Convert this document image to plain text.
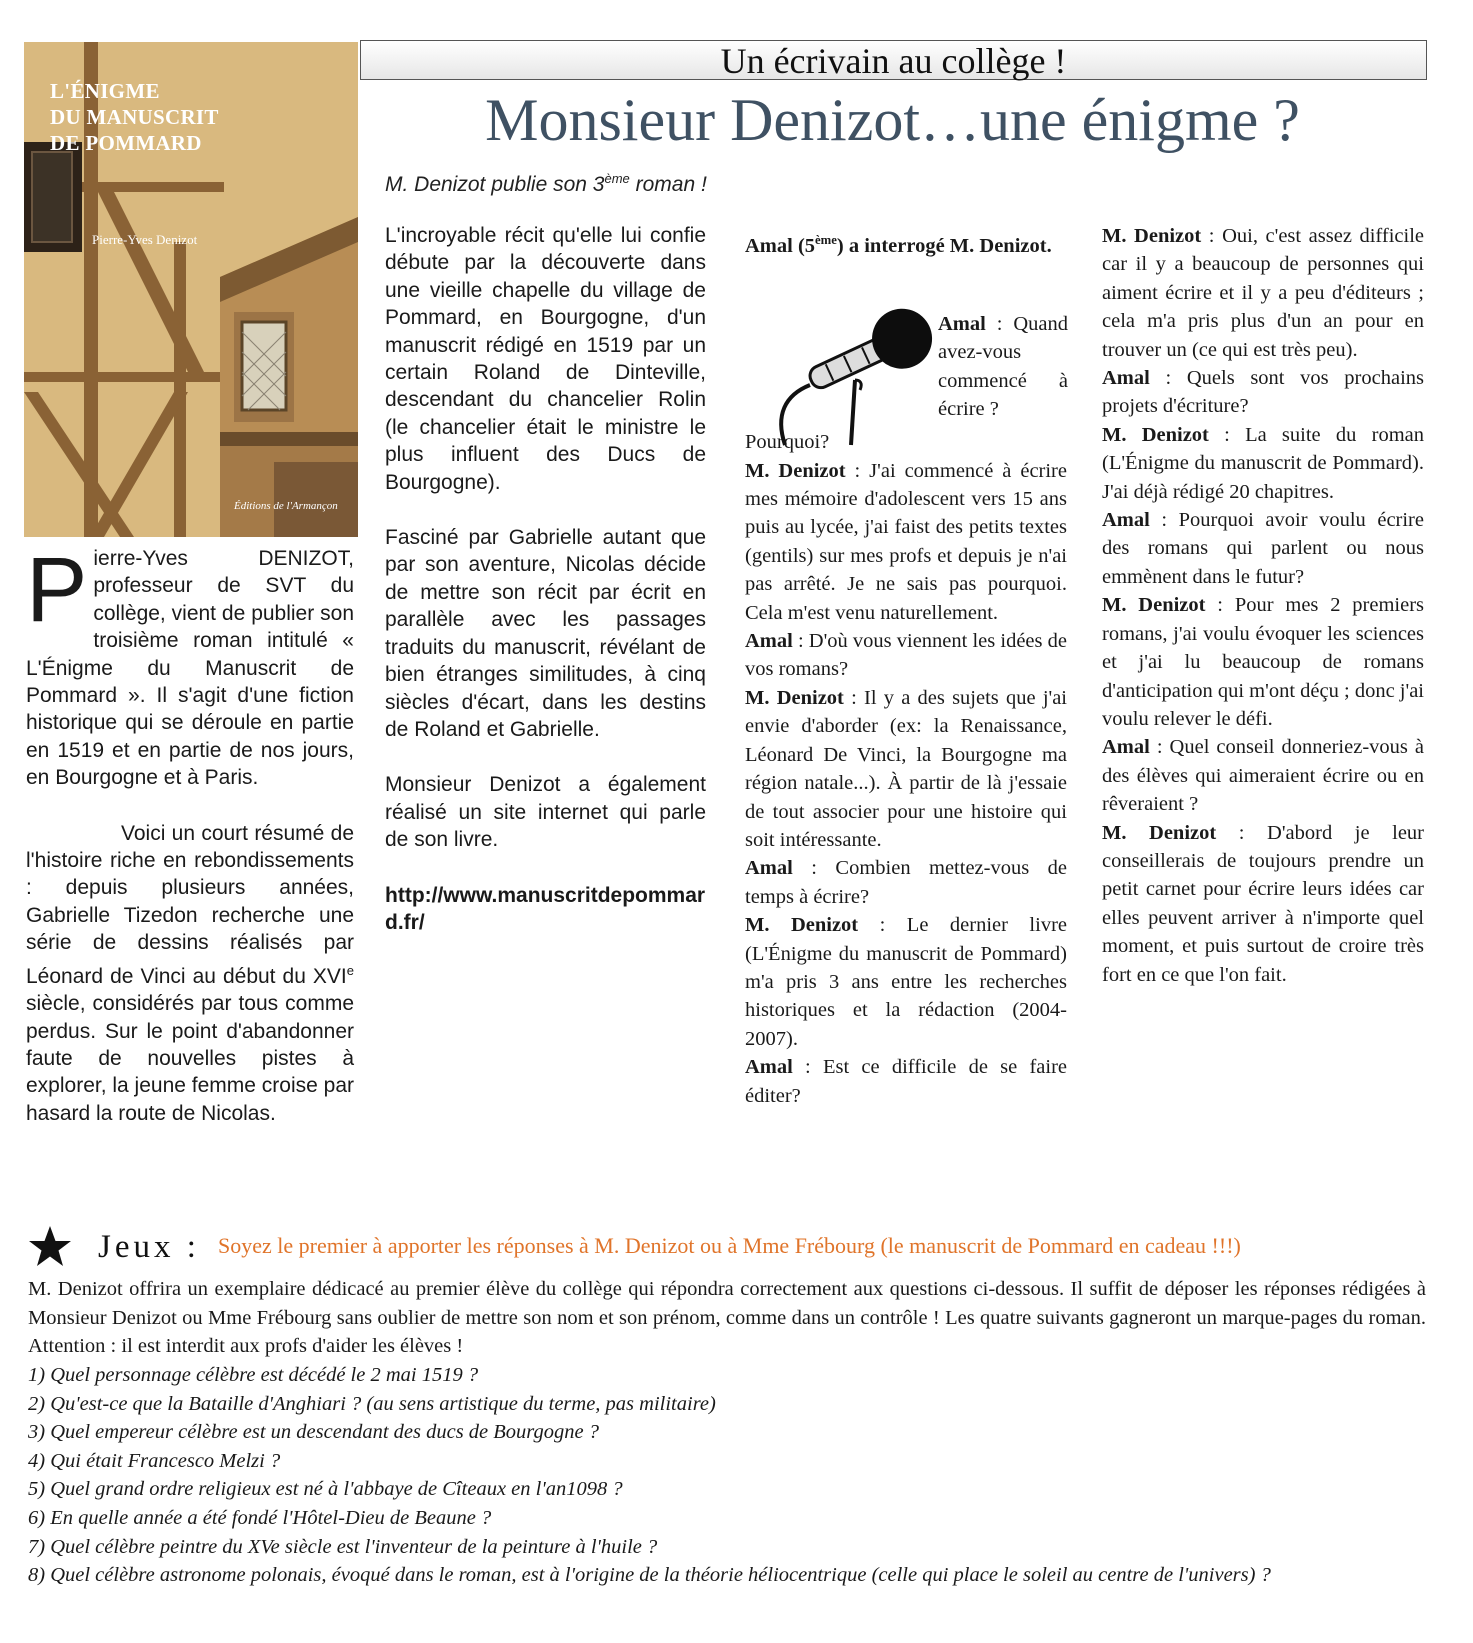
L'ÉNIGME
DU MANUSCRIT
DE POMMARD
Pierre-Yves Denizot
Éditions de l'Armançon
Un écrivain au collège !
Monsieur Denizot…une énigme ?
M. Denizot publie son 3ème roman !

Pierre-Yves DENIZOT, professeur de SVT du collège, vient de publier son troisième roman intitulé « L'Énigme du Manuscrit de Pommard ». Il s'agit d'une fiction historique qui se déroule en partie en 1519 et en partie de nos jours, en Bourgogne et à Paris.

Voici un court résumé de l'histoire riche en rebondissements : depuis plusieurs années, Gabrielle Tizedon recherche une série de dessins réalisés par Léonard de Vinci au début du XVIe siècle, considérés par tous comme perdus. Sur le point d'abandonner faute de nouvelles pistes à explorer, la jeune femme croise par hasard la route de Nicolas.

L'incroyable récit qu'elle lui confie débute par la découverte dans une vieille chapelle du village de Pommard, en Bourgogne, d'un manuscrit rédigé en 1519 par un certain Roland de Dinteville, descendant du chancelier Rolin (le chancelier était le ministre le plus influent des Ducs de Bourgogne).

Fasciné par Gabrielle autant que par son aventure, Nicolas décide de mettre son récit par écrit en parallèle avec les passages traduits du manuscrit, révélant de bien étranges similitudes, à cinq siècles d'écart, dans les destins de Roland et Gabrielle.

Monsieur Denizot a également réalisé un site internet qui parle de son livre.

http://www.manuscritdepommard.fr/

Amal (5ème) a interrogé M. Denizot.

Pourquoi?

M. Denizot : J'ai commencé à écrire mes mémoire d'adolescent vers 15 ans puis au lycée, j'ai faist des petits textes (gentils) sur mes profs et depuis je n'ai pas arrêté. Je ne sais pas pourquoi. Cela m'est venu naturellement.

Amal : D'où vous viennent les idées de vos romans?

M. Denizot : Il y a des sujets que j'ai envie d'aborder (ex: la Renaissance, Léonard De Vinci, la Bourgogne ma région natale...). À partir de là j'essaie de tout associer pour une histoire qui soit intéressante.

Amal : Combien mettez-vous de temps à écrire?

M. Denizot : Le dernier livre (L'Énigme du manuscrit de Pommard) m'a pris 3 ans entre les recherches historiques et la rédaction (2004-2007).

Amal : Est ce difficile de se faire éditer?

Amal : Quand avez-vous commencé à écrire ?

M. Denizot : Oui, c'est assez difficile car il y a beaucoup de personnes qui aiment écrire et il y a peu d'éditeurs ; cela m'a pris plus d'un an pour en trouver un (ce qui est très peu).

Amal : Quels sont vos prochains projets d'écriture?

M. Denizot : La suite du roman (L'Énigme du manuscrit de Pommard). J'ai déjà rédigé 20 chapitres.

Amal : Pourquoi avoir voulu écrire des romans qui parlent ou nous emmènent dans le futur?

M. Denizot : Pour mes 2 premiers romans, j'ai voulu évoquer les sciences et j'ai lu beaucoup de romans d'anticipation qui m'ont déçu ; donc j'ai voulu relever le défi.

Amal : Quel conseil donneriez-vous à des élèves qui aimeraient écrire ou en rêveraient ?

M. Denizot : D'abord je leur conseillerais de toujours prendre un petit carnet pour écrire leurs idées car elles peuvent arriver à n'importe quel moment, et puis surtout de croire très fort en ce que l'on fait.

Jeux : Soyez le premier à apporter les réponses à M. Denizot ou à Mme Frébourg (le manuscrit de Pommard en cadeau !!!)

M. Denizot offrira un exemplaire dédicacé au premier élève du collège qui répondra correctement aux questions ci-dessous. Il suffit de déposer les réponses rédigées à Monsieur Denizot ou Mme Frébourg sans oublier de mettre son nom et son prénom, comme dans un contrôle ! Les quatre suivants gagneront un marque-pages du roman. Attention : il est interdit aux profs d'aider les élèves !

1) Quel personnage célèbre est décédé le 2 mai 1519 ?
2) Qu'est-ce que la Bataille d'Anghiari ? (au sens artistique du terme, pas militaire)
3) Quel empereur célèbre est un descendant des ducs de Bourgogne ?
4) Qui était Francesco Melzi ?
5) Quel grand ordre religieux est né à l'abbaye de Cîteaux en l'an1098 ?
6) En quelle année a été fondé l'Hôtel-Dieu de Beaune ?
7) Quel célèbre peintre du XVe siècle est l'inventeur de la peinture à l'huile ?
8) Quel célèbre astronome polonais, évoqué dans le roman, est à l'origine de la théorie héliocentrique (celle qui place le soleil au centre de l'univers) ?
